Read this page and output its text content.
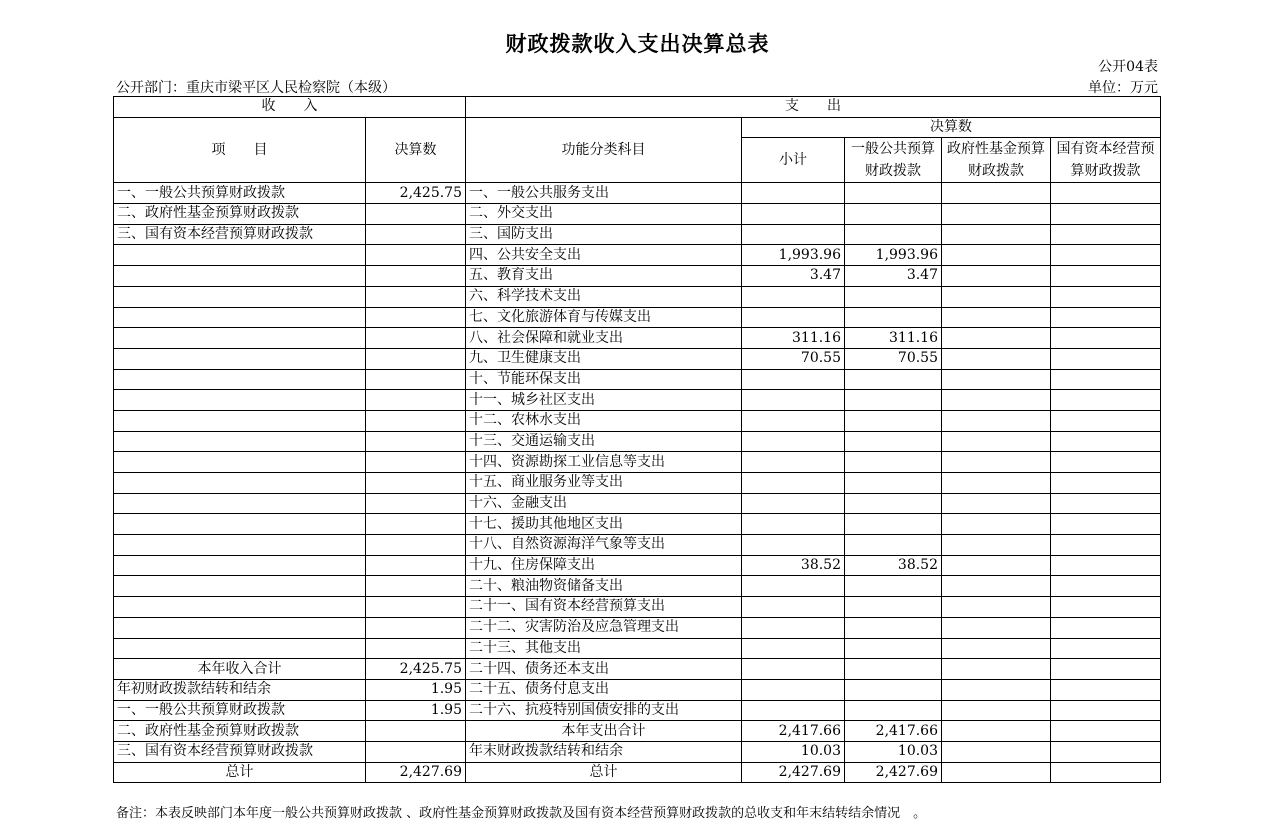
财政拨款收入支出决算总表
公开04表
公开部门：重庆市梁平区人民检察院（本级）	单位：万元
收　　入		支　　出				
项　　目	决算数	功能分类科目	决算数			
			小计	一般公共预算财政拨款	政府性基金预算财政拨款	国有资本经营预算财政拨款

一、一般公共预算财政拨款	2,425.75	一、一般公共服务支出				
二、政府性基金预算财政拨款		二、外交支出				
三、国有资本经营预算财政拨款		三、国防支出				
		四、公共安全支出	1,993.96	1,993.96		
		五、教育支出	3.47	3.47		
		六、科学技术支出				
		七、文化旅游体育与传媒支出				
		八、社会保障和就业支出	311.16	311.16		
		九、卫生健康支出	70.55	70.55		
		十、节能环保支出				
		十一、城乡社区支出				
		十二、农林水支出				
		十三、交通运输支出				
		十四、资源勘探工业信息等支出				
		十五、商业服务业等支出				
		十六、金融支出				
		十七、援助其他地区支出				
		十八、自然资源海洋气象等支出				
		十九、住房保障支出	38.52	38.52		
		二十、粮油物资储备支出				
		二十一、国有资本经营预算支出				
		二十二、灾害防治及应急管理支出				
		二十三、其他支出				
本年收入合计	2,425.75	二十四、债务还本支出				
年初财政拨款结转和结余	1.95	二十五、债务付息支出				
一、一般公共预算财政拨款	1.95	二十六、抗疫特别国债安排的支出				
二、政府性基金预算财政拨款		本年支出合计	2,417.66	2,417.66		
三、国有资本经营预算财政拨款		年末财政拨款结转和结余	10.03	10.03		
总计	2,427.69	总计	2,427.69	2,427.69		
备注：本表反映部门本年度一般公共预算财政拨款 、政府性基金预算财政拨款及国有资本经营预算财政拨款的总收支和年末结转结余情况　。
